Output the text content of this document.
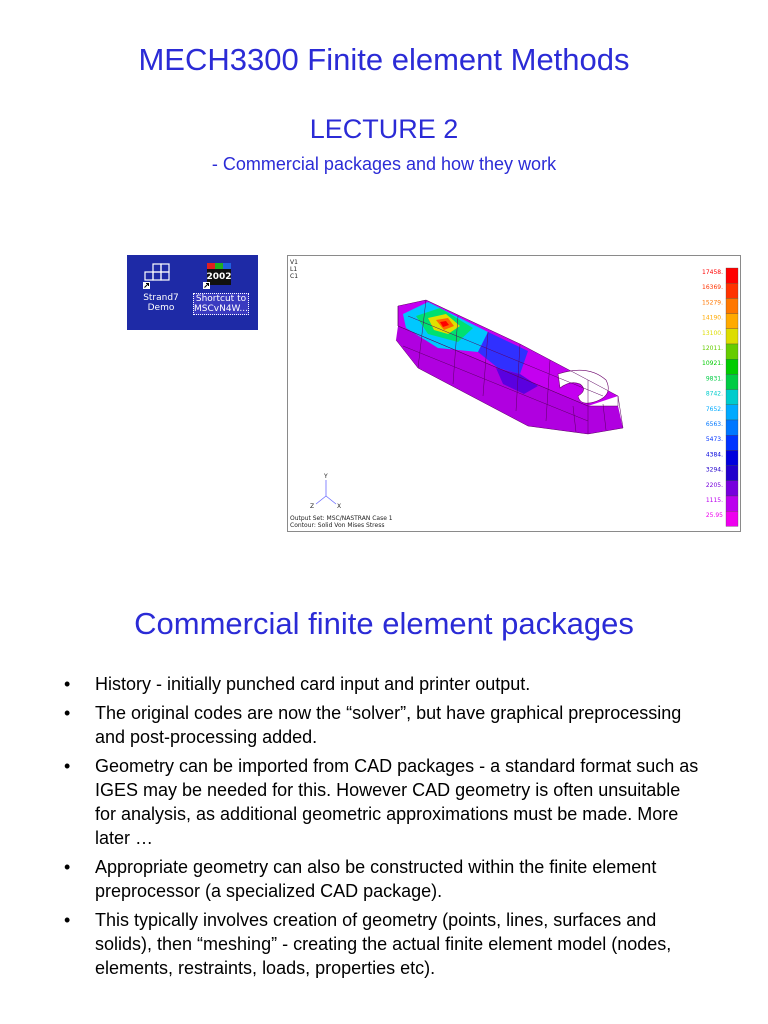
MECH3300 Finite element Methods
LECTURE 2
- Commercial packages and how they work
Strand7
Demo
2002
Shortcut to
MSCvN4W...
V1
L1
C1
Y
Z	X
Output Set: MSC/NASTRAN Case 1
Contour: Solid Von Mises Stress
17458.
16369.
15279.
14190.
13100.
12011.
10921.
9831.
8742.
7652.
6563.
5473.
4384.
3294.
2205.
1115.
25.95
Commercial finite element packages
• History - initially punched card input and printer output.
• The original codes are now the “solver”, but have graphical preprocessing and post-processing added.
• Geometry can be imported from CAD packages - a standard format such as IGES may be needed for this. However CAD geometry is often unsuitable for analysis, as additional geometric approximations must be made. More later …
• Appropriate geometry can also be constructed within the finite element preprocessor (a specialized CAD package).
• This typically involves creation of geometry (points, lines, surfaces and solids), then “meshing” - creating the actual finite element model (nodes, elements, restraints, loads, properties etc).
